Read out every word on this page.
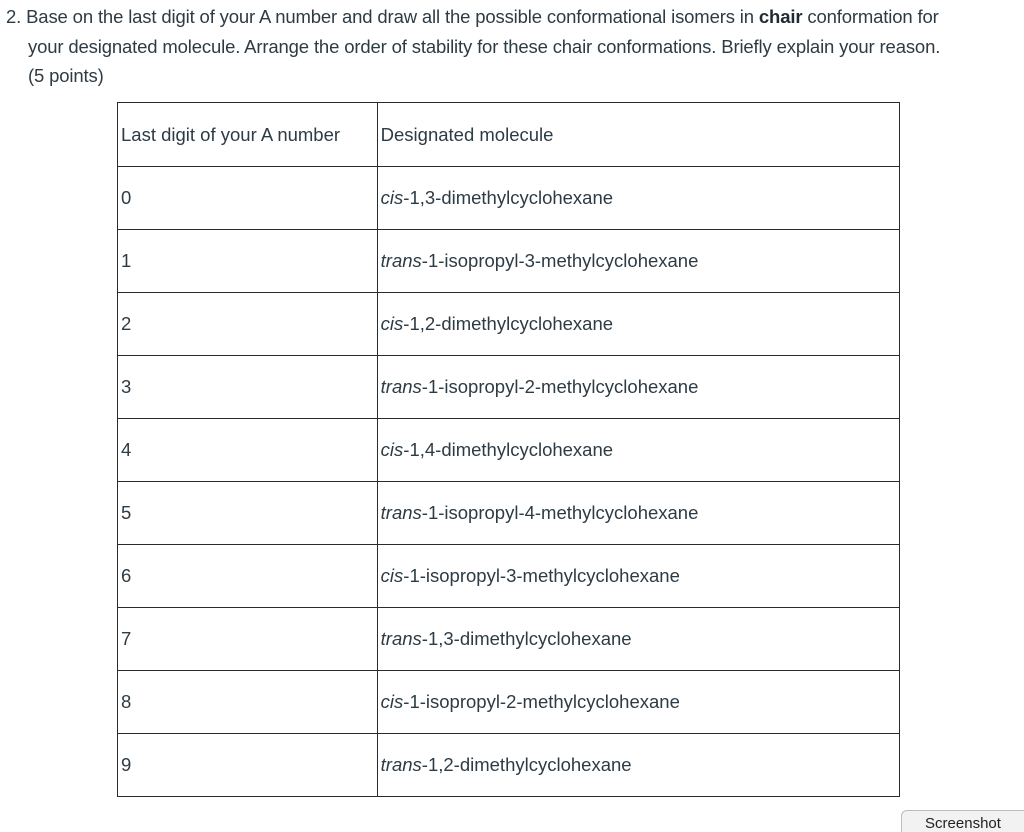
2. Base on the last digit of your A number and draw all the possible conformational isomers in chair conformation for
your designated molecule. Arrange the order of stability for these chair conformations. Briefly explain your reason.
(5 points)
Last digit of your A number	Designated molecule
0	cis-1,3-dimethylcyclohexane
1	trans-1-isopropyl-3-methylcyclohexane
2	cis-1,2-dimethylcyclohexane
3	trans-1-isopropyl-2-methylcyclohexane
4	cis-1,4-dimethylcyclohexane
5	trans-1-isopropyl-4-methylcyclohexane
6	cis-1-isopropyl-3-methylcyclohexane
7	trans-1,3-dimethylcyclohexane
8	cis-1-isopropyl-2-methylcyclohexane
9	trans-1,2-dimethylcyclohexane
Screenshot
